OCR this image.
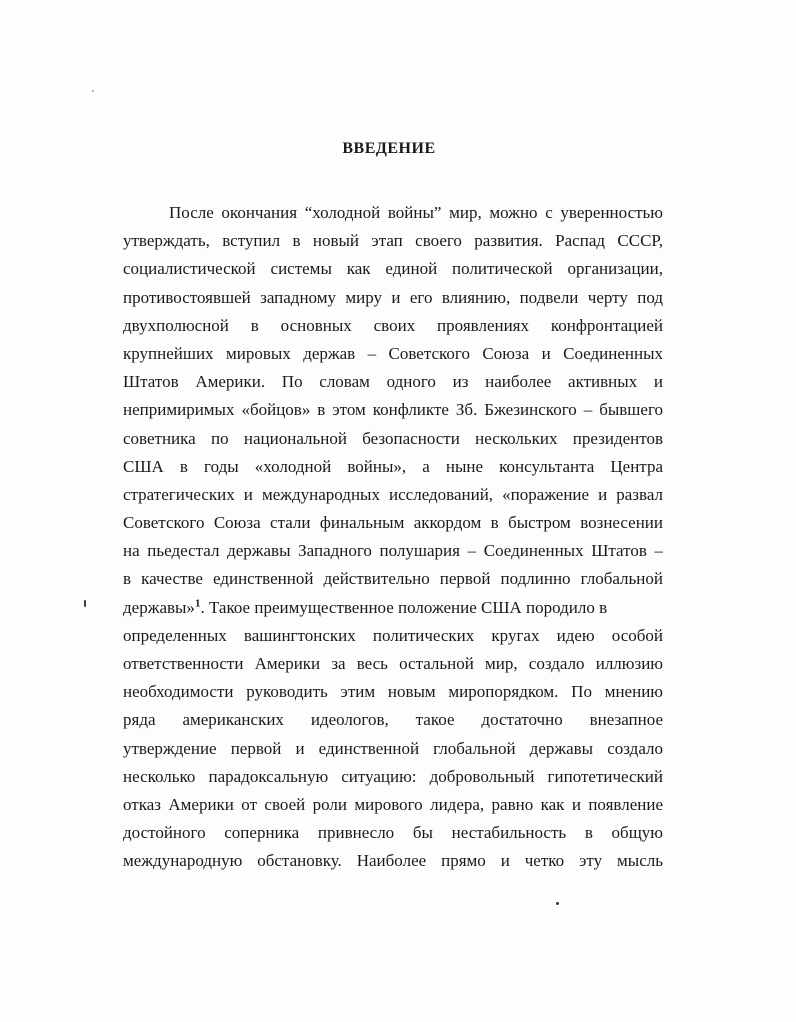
ВВЕДЕНИЕ
После окончания “холодной войны” мир, можно с уверенностью
утверждать, вступил в новый этап своего развития. Распад СССР,
социалистической системы как единой политической организации,
противостоявшей западному миру и его влиянию, подвели черту под
двухполюсной в основных своих проявлениях конфронтацией
крупнейших мировых держав – Советского Союза и Соединенных
Штатов Америки. По словам одного из наиболее активных и
непримиримых «бойцов» в этом конфликте Зб. Бжезинского – бывшего
советника по национальной безопасности нескольких президентов
США в годы «холодной войны», а ныне консультанта Центра
стратегических и международных исследований, «поражение и развал
Советского Союза стали финальным аккордом в быстром вознесении
на пьедестал державы Западного полушария – Соединенных Штатов –
в качестве единственной действительно первой подлинно глобальной
державы»$^1$. Такое преимущественное положение США породило в
определенных вашингтонских политических кругах идею особой
ответственности Америки за весь остальной мир, создало иллюзию
необходимости руководить этим новым миропорядком. По мнению
ряда американских идеологов, такое достаточно внезапное
утверждение первой и единственной глобальной державы создало
несколько парадоксальную ситуацию: добровольный гипотетический
отказ Америки от своей роли мирового лидера, равно как и появление
достойного соперника привнесло бы нестабильность в общую
международную обстановку. Наиболее прямо и четко эту мысль
